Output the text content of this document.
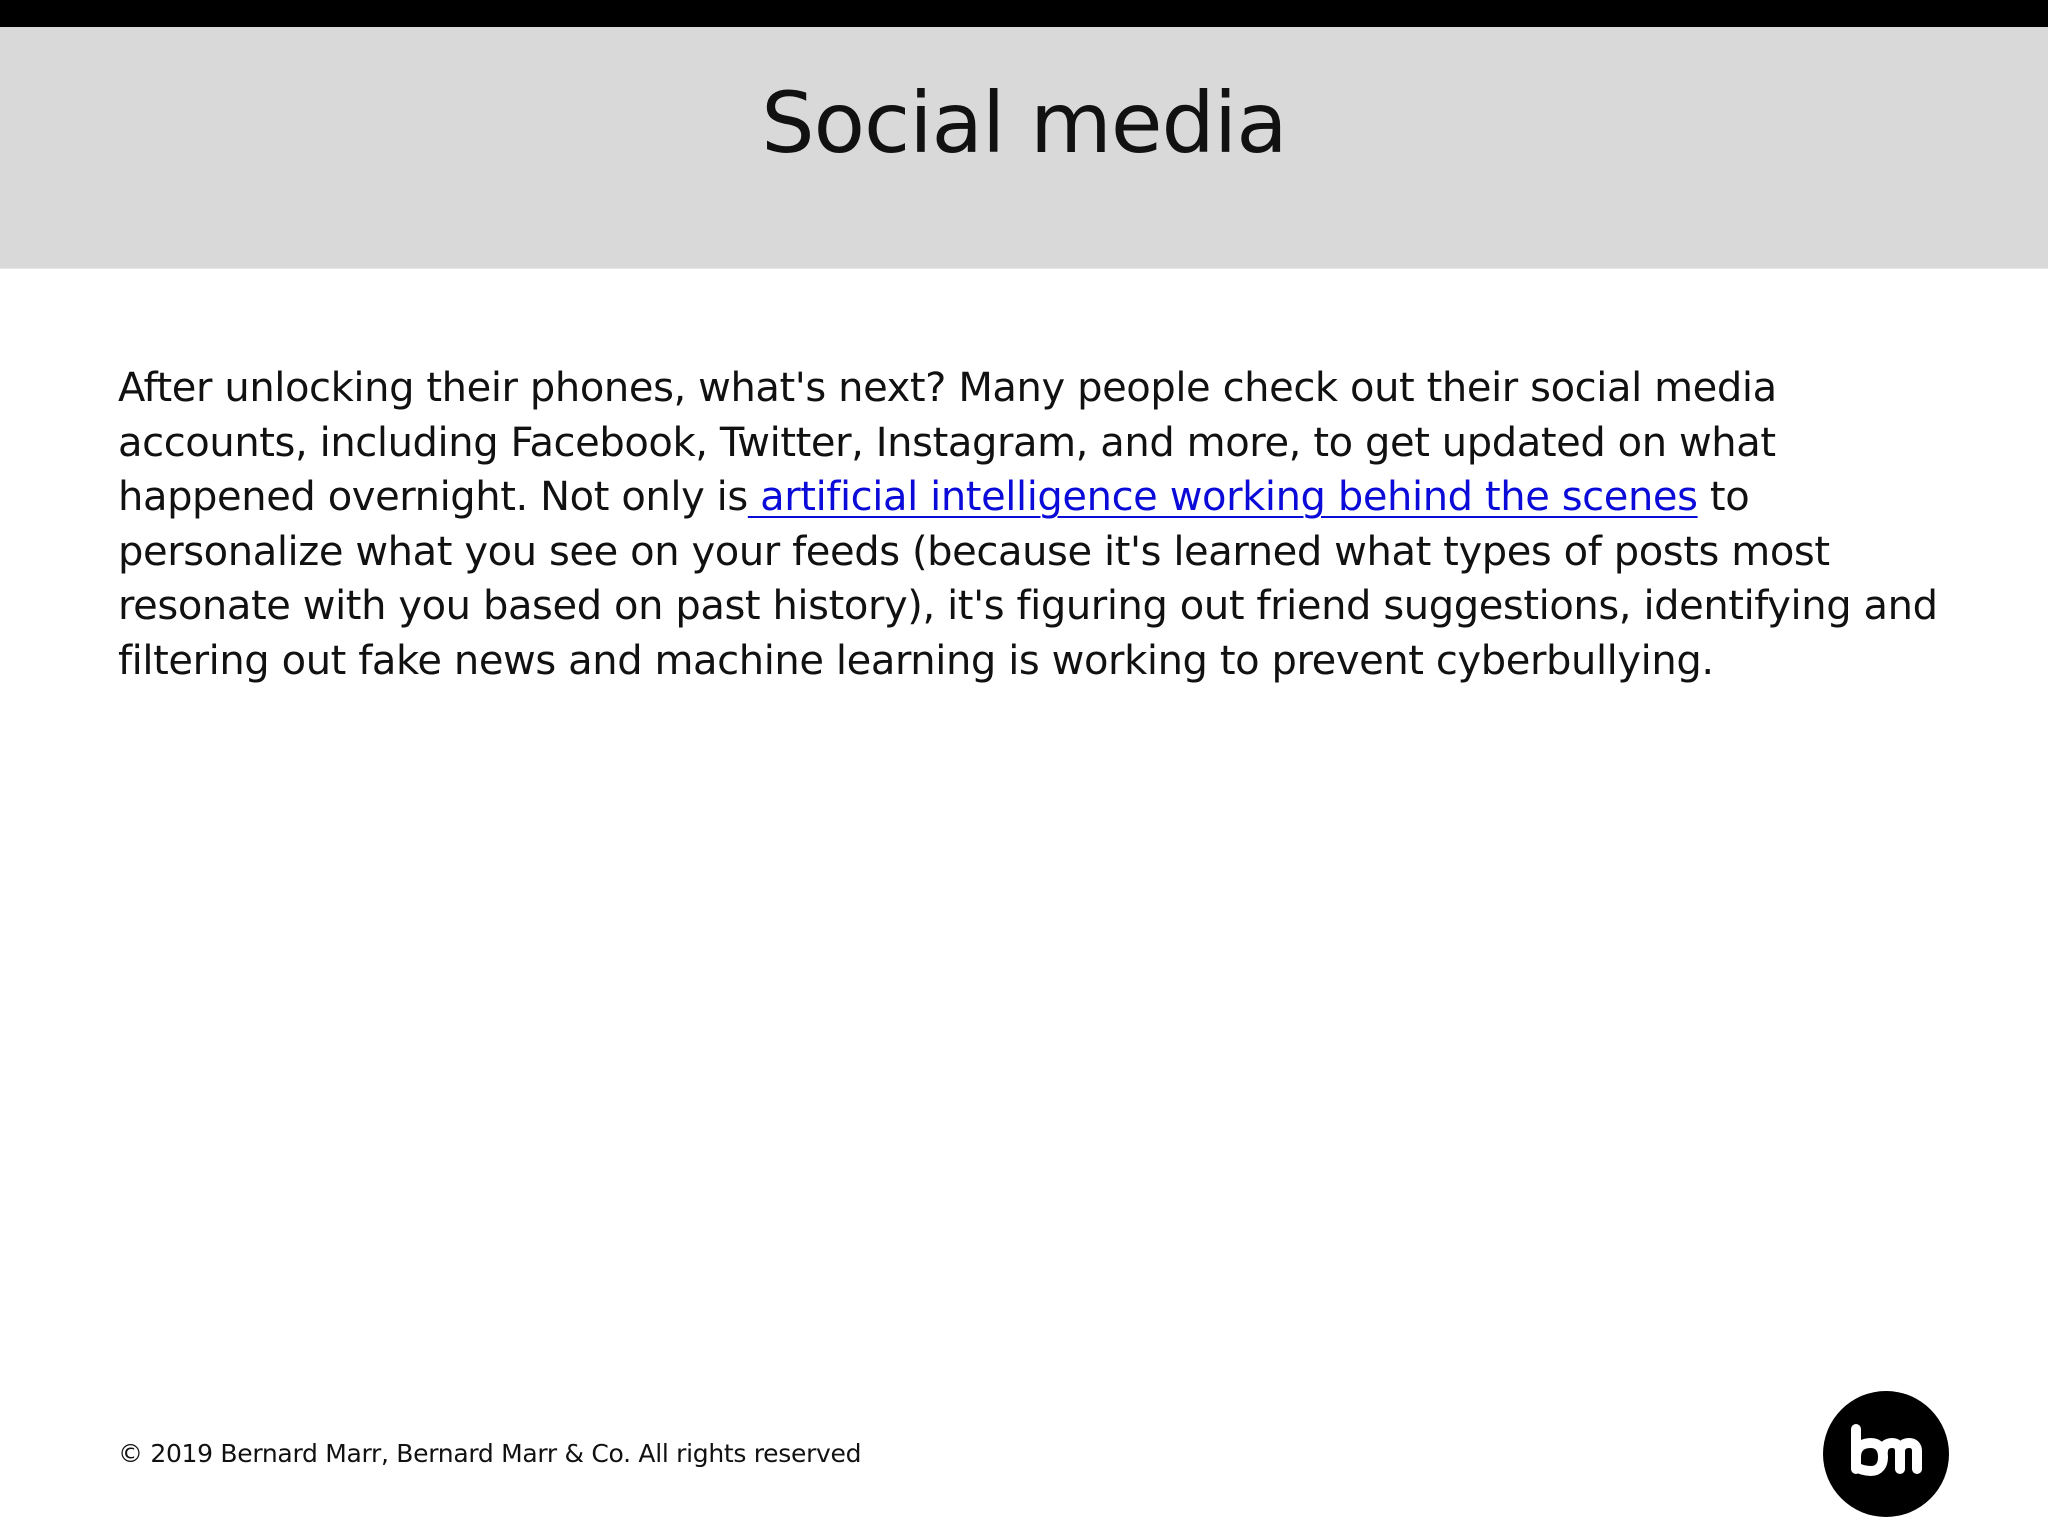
Social media

After unlocking their phones, what's next? Many people check out their social media accounts, including Facebook, Twitter, Instagram, and more, to get updated on what happened overnight. Not only is artificial intelligence working behind the scenes to personalize what you see on your feeds (because it's learned what types of posts most resonate with you based on past history), it's figuring out friend suggestions, identifying and filtering out fake news and machine learning is working to prevent cyberbullying.

© 2019 Bernard Marr, Bernard Marr & Co. All rights reserved
